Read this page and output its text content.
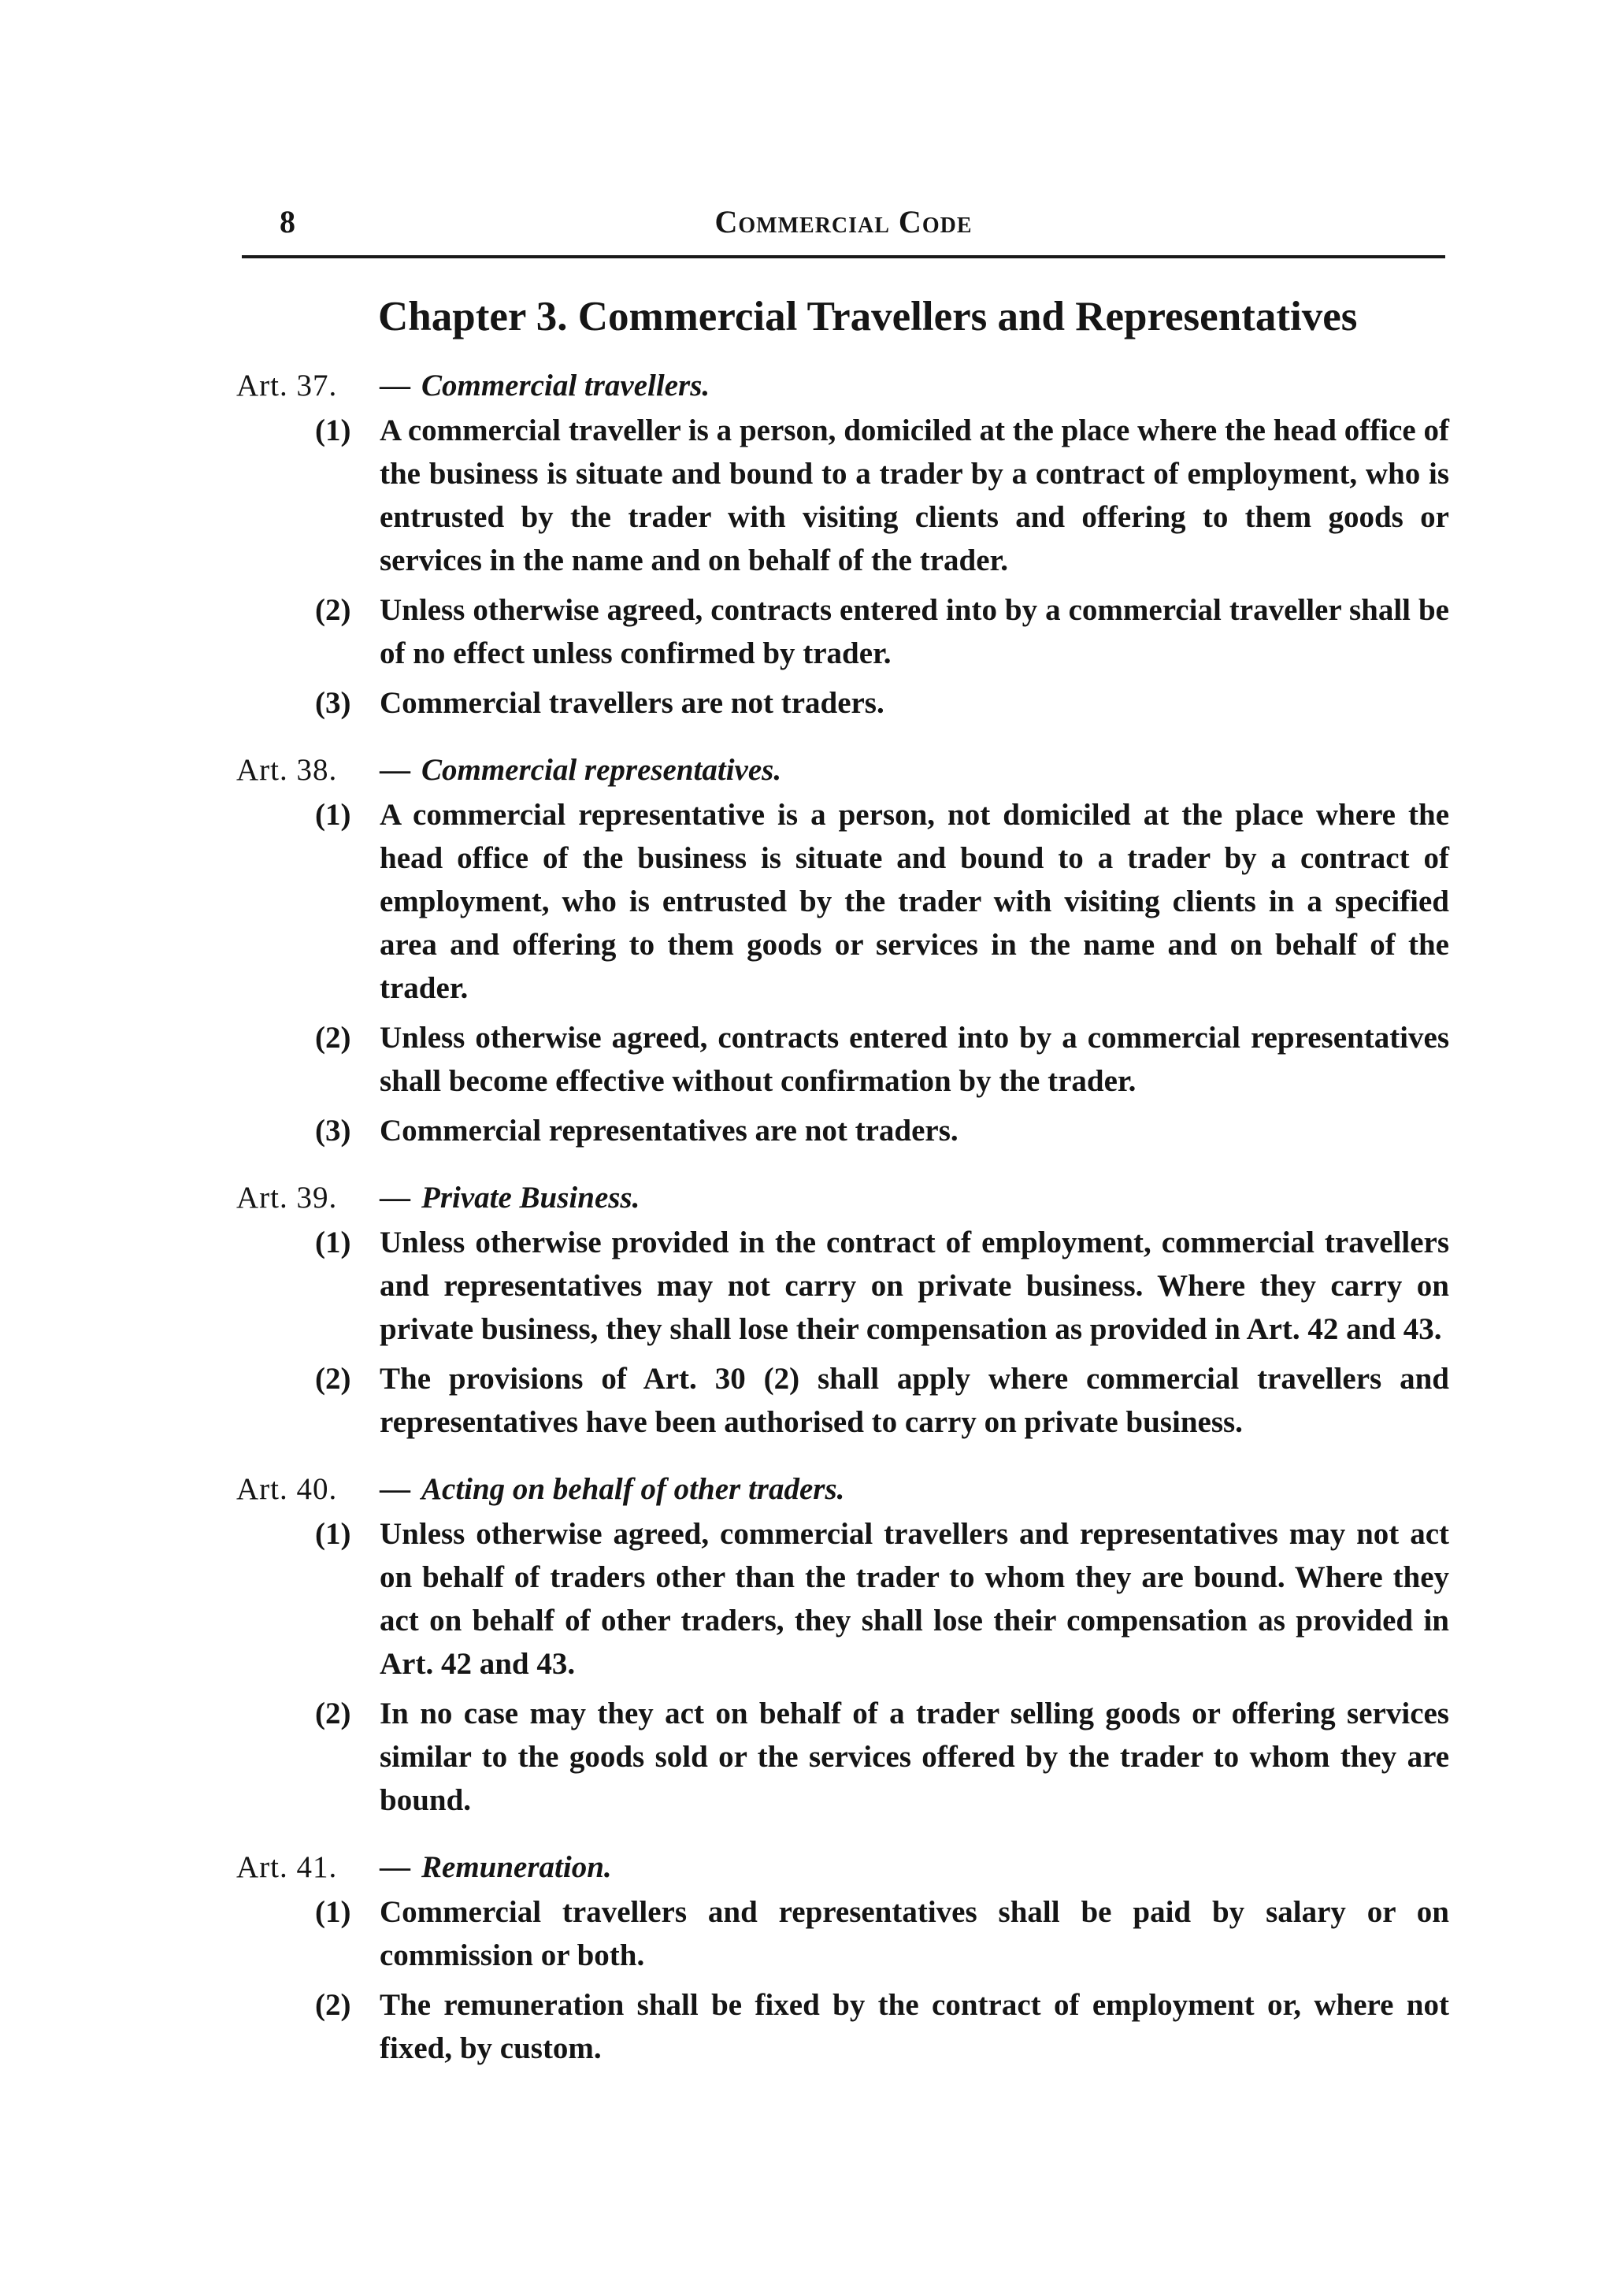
8	Commercial Code
Chapter 3. Commercial Travellers and Representatives
Art. 37.	— Commercial travellers.
(1) A commercial traveller is a person, domiciled at the place where the head office of the business is situate and bound to a trader by a contract of employment, who is entrusted by the trader with visiting clients and offering to them goods or services in the name and on behalf of the trader.
(2) Unless otherwise agreed, contracts entered into by a commercial traveller shall be of no effect unless confirmed by trader.
(3) Commercial travellers are not traders.
Art. 38.	— Commercial representatives.
(1) A commercial representative is a person, not domiciled at the place where the head office of the business is situate and bound to a trader by a contract of employment, who is entrusted by the trader with visiting clients in a specified area and offering to them goods or services in the name and on behalf of the trader.
(2) Unless otherwise agreed, contracts entered into by a commercial representatives shall become effective without confirmation by the trader.
(3) Commercial representatives are not traders.
Art. 39.	— Private Business.
(1) Unless otherwise provided in the contract of employment, commercial travellers and representatives may not carry on private business. Where they carry on private business, they shall lose their compensation as provided in Art. 42 and 43.
(2) The provisions of Art. 30 (2) shall apply where commercial travellers and representatives have been authorised to carry on private business.
Art. 40.	— Acting on behalf of other traders.
(1) Unless otherwise agreed, commercial travellers and representatives may not act on behalf of traders other than the trader to whom they are bound. Where they act on behalf of other traders, they shall lose their compensation as provided in Art. 42 and 43.
(2) In no case may they act on behalf of a trader selling goods or offering services similar to the goods sold or the services offered by the trader to whom they are bound.
Art. 41.	— Remuneration.
(1) Commercial travellers and representatives shall be paid by salary or on commission or both.
(2) The remuneration shall be fixed by the contract of employment or, where not fixed, by custom.
